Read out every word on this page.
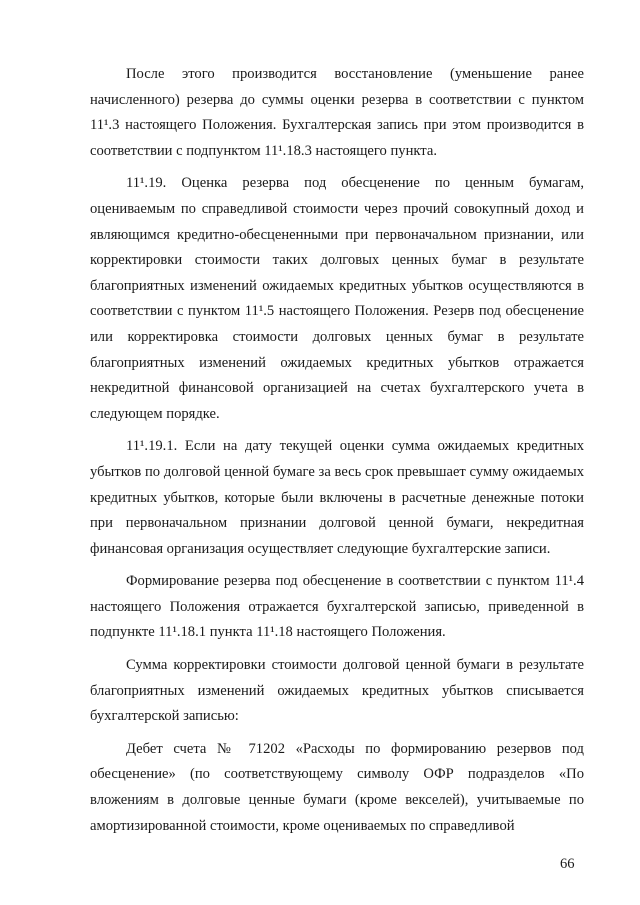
После этого производится восстановление (уменьшение ранее начисленного) резерва до суммы оценки резерва в соответствии с пунктом 11¹.3 настоящего Положения. Бухгалтерская запись при этом производится в соответствии с подпунктом 11¹.18.3 настоящего пункта.

11¹.19. Оценка резерва под обесценение по ценным бумагам, оцениваемым по справедливой стоимости через прочий совокупный доход и являющимся кредитно-обесцененными при первоначальном признании, или корректировки стоимости таких долговых ценных бумаг в результате благоприятных изменений ожидаемых кредитных убытков осуществляются в соответствии с пунктом 11¹.5 настоящего Положения. Резерв под обесценение или корректировка стоимости долговых ценных бумаг в результате благоприятных изменений ожидаемых кредитных убытков отражается некредитной финансовой организацией на счетах бухгалтерского учета в следующем порядке.

11¹.19.1. Если на дату текущей оценки сумма ожидаемых кредитных убытков по долговой ценной бумаге за весь срок превышает сумму ожидаемых кредитных убытков, которые были включены в расчетные денежные потоки при первоначальном признании долговой ценной бумаги, некредитная финансовая организация осуществляет следующие бухгалтерские записи.

Формирование резерва под обесценение в соответствии с пунктом 11¹.4 настоящего Положения отражается бухгалтерской записью, приведенной в подпункте 11¹.18.1 пункта 11¹.18 настоящего Положения.

Сумма корректировки стоимости долговой ценной бумаги в результате благоприятных изменений ожидаемых кредитных убытков списывается бухгалтерской записью:

Дебет счета № 71202 «Расходы по формированию резервов под обесценение» (по соответствующему символу ОФР подразделов «По вложениям в долговые ценные бумаги (кроме векселей), учитываемые по амортизированной стоимости, кроме оцениваемых по справедливой

66
